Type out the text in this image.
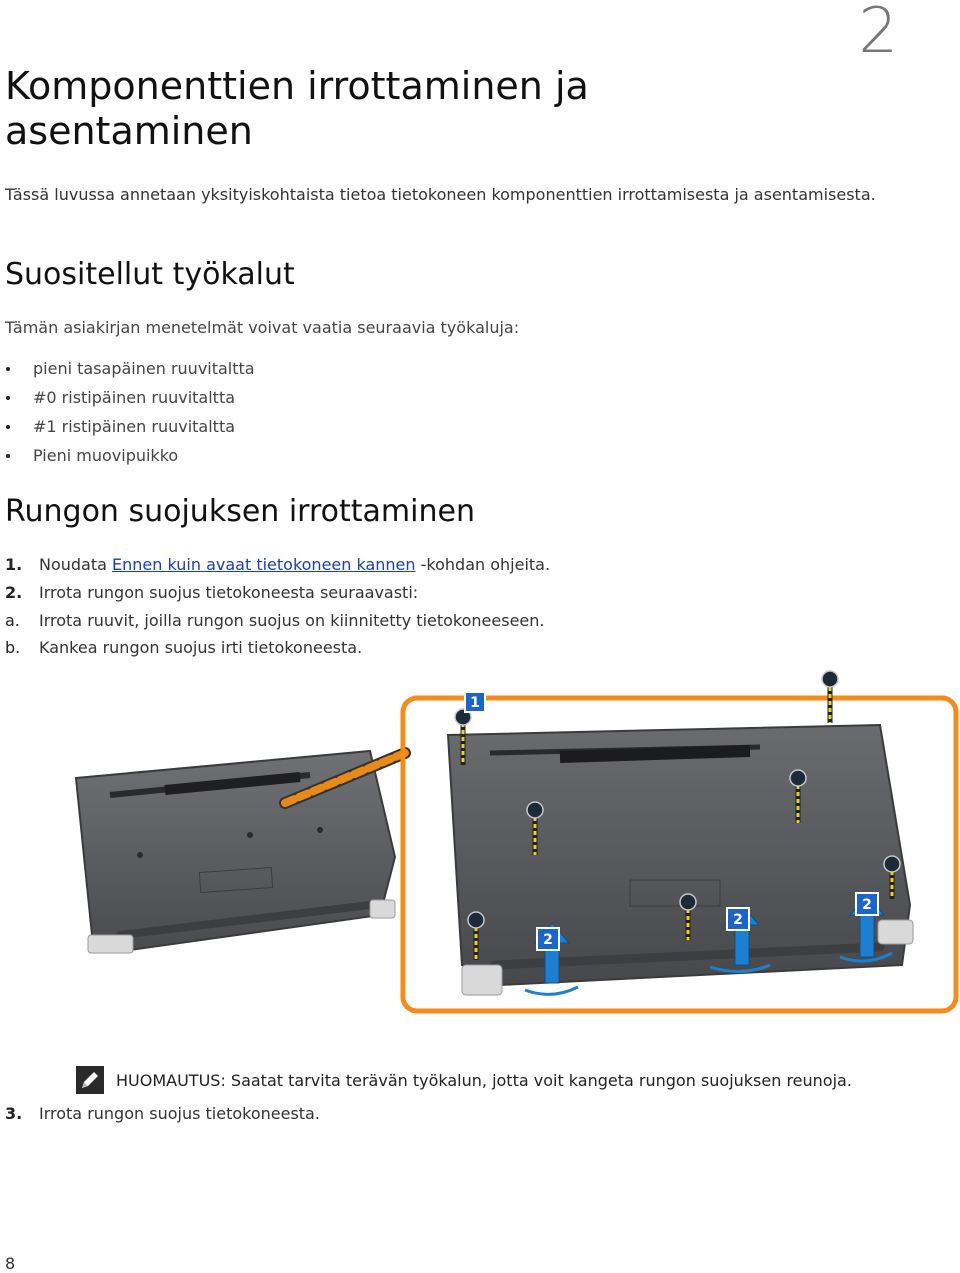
2
Komponenttien irrottaminen ja asentaminen
Tässä luvussa annetaan yksityiskohtaista tietoa tietokoneen komponenttien irrottamisesta ja asentamisesta.
Suositellut työkalut
Tämän asiakirjan menetelmät voivat vaatia seuraavia työkaluja:
pieni tasapäinen ruuvitaltta
#0 ristipäinen ruuvitaltta
#1 ristipäinen ruuvitaltta
Pieni muovipuikko
Rungon suojuksen irrottaminen
1. Noudata Ennen kuin avaat tietokoneen kannen -kohdan ohjeita.
2. Irrota rungon suojus tietokoneesta seuraavasti:
a. Irrota ruuvit, joilla rungon suojus on kiinnitetty tietokoneeseen.
b. Kankea rungon suojus irti tietokoneesta.
3. Irrota rungon suojus tietokoneesta.
1
2
2
2
HUOMAUTUS: Saatat tarvita terävän työkalun, jotta voit kangeta rungon suojuksen reunoja.
8
